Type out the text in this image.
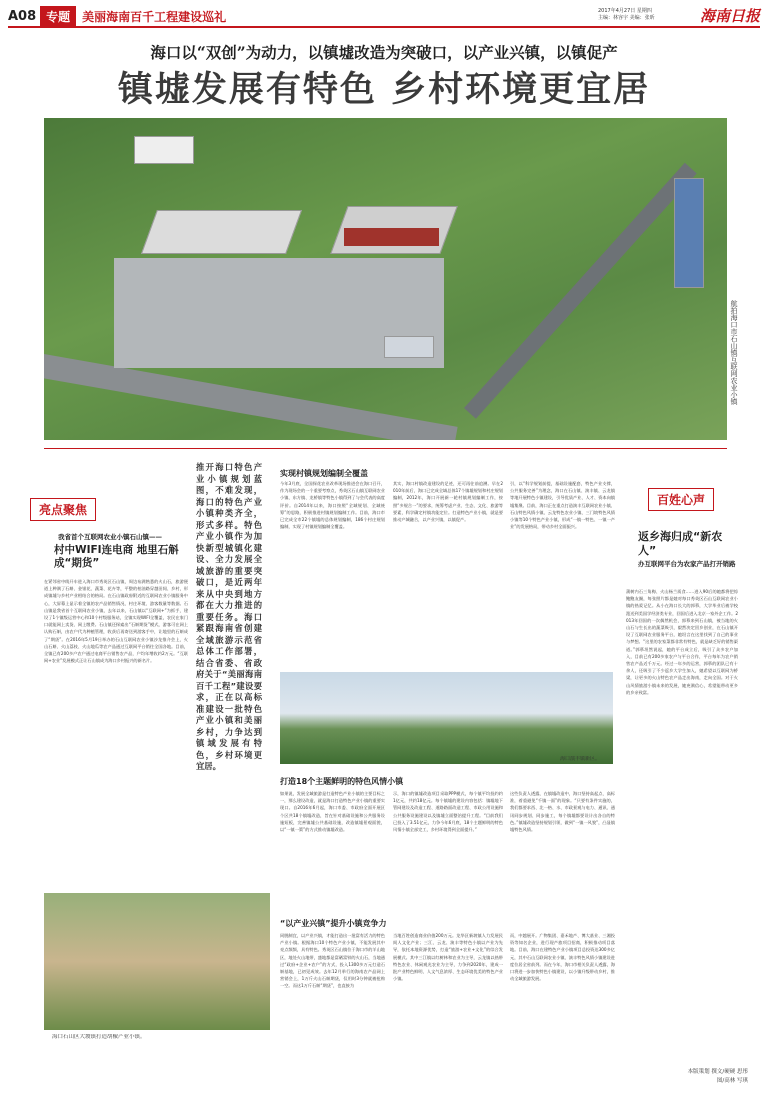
A08 专题	美丽海南百千工程建设巡礼	2017年4月27日 星期四
主编：林容宇 美编：张昕	海南日报
海口以“双创”为动力，以镇墟改造为突破口，以产业兴镇，以镇促产
镇墟发展有特色 乡村环境更宜居
航拍海口市石山镇互联网农业小镇
亮点聚焦
我省首个互联网农业小镇石山镇——
村中WIFI连电商 地里石斛成“期货”
在紧邻省中线开车进入海口市秀英区石山镇，周边布满熟悉的火山石，旅游便道上种满了石斛、金银花、蔬菜、花卉等，平整的柏油路穿越田间、乡村，形成镇墟与乡村产业相结合的格局。在石山镇政府附近的互联网农业小镇服务中心，大屏幕上显示着全镇的农产品销售情况、村庄环境、游客数量等数据。石山镇是我省首个互联网农业小镇，去年以来，石山镇以“互联网+”为抓手，建设了1个镇级运营中心和10个村级服务站，全镇实现WIFI全覆盖，农民在家门口就能网上卖货、网上缴费。石山镇还探索出“石斛期货”模式，游客可在网上认购石斛，由农户代为种植管理，收获后再寄送到游客手中，让地里的石斛成了“期货”。在2016年5月19日举办的石山互联网农业小镇沙龙推介会上，火山石斛、火山荔枝、火山地瓜等农产品通过互联网平台销往全国各地。目前，全镇已有200多户农户通过电商平台销售农产品，户均年增收约2万元。“互联网+农业”发展模式正让石山镇成为海口乡村振兴的新名片。
海口石山区大坡镇打造胡椒产业小镇。
推开海口特色产业小镇规划蓝图，不难发现，海口的特色产业小镇种类齐全，形式多样。特色产业小镇作为加快新型城镇化建设、全力发展全域旅游的重要突破口，是近两年来从中央到地方都在大力推进的重要任务。海口紧跟海南省创建全域旅游示范省总体工作部署，结合省委、省政府关于“美丽海南百千工程”建设要求，正在以高标准建设一批特色产业小镇和美丽乡村，力争达到镇域发展有特色，乡村环境更宜居。
实现村镇规划编制全覆盖
今年3月底，全国探花农业改革现场推进会在海口召开，作为现场会的一个重要考察点，秀英区石山镇互联网农业小镇、东方镇、龙桥镇等特色小镇得到了与会代表的高度评价。自2014年以来，海口按照“全域规划、全域统筹”的思路，积极推进村镇规划编制工作。目前，海口市已完成全市22个镇墟的总体规划编制，186个村庄规划编制，实现了村镇规划编制全覆盖。
其实，海口村镇改造建设的足迹，还可再往前追溯。早在2010年前后，海口已完成全域总体17个镇墟规划和村庄规划编制，2012年，海口开展新一轮村镇规划编制工作，按照“多规合一”的要求，统筹考虑产业、生态、文化、旅游等要素，科学确定村镇功能定位。打造特色产业小镇，就是要推动产城融合，以产业兴镇，以镇促产。
引，以“科学规划前提，基础设施配套，特色产业支撑，公共服务完善”为理念，海口在石山镇、演丰镇、云龙镇等地开展特色小镇建设，引导优质产业、人才、资本向镇墟集聚。目前，海口正在重点打造演丰互联网农业小镇、石山特色风情小镇、云龙特色农业小镇、三门坡特色风情小镇等10个特色产业小镇，形成“一镇一特色、一镇一产业”的发展格局，带动乡村全面振兴。
海口演丰镇新区。
打造18个主题鲜明的特色风情小镇
如果说，发展全域旅游是打造特色产业小镇的主要目标之一，那么建设改造，就是海口打造特色产业小镇的重要实现口。自2016年6月起，海口市委、市政府全面开展区个区共18个镇墟改造，旨在针对基础设施和公共服务设施短板，完善镇墟公共基础设施，改造镇墟景观面貌，以“一镇一策”的方式推动镇墟改造。
示，海口的镇墟改造项目采取PPP模式，每个镇平均投约约1亿元，共约18亿元。每个镇墟的建设内容包括：镇墟地下管网建设及改造工程、道路路面改造工程、市政公用设施和公共服务设施建设以及镇墟立面整治提升工程。“目前我们已投入了3.51亿元，力争今年6月底，18个主题鲜明的特色风情小镇全部完工，乡村环境得到全面提升。”
这些负责人透露，在镇墟改造中，海口坚持高起点、高标准，着重避免“千镇一面”的现象。“只要有条件实施的，我们都要求西、北一格、水、市政景观与电力、通讯、通讯同步规划、同步施工，每个镇墟都要设计出各自的特色。”镇墟改造坚持规划引领，做到“一镇一风貌”，凸显镇墟特色风情。
“以产业兴镇”提升小镇竞争力
同脱制宜，以产业兴镇，才能打造出一批富有活力的特色产业小镇。根据海口10个特色产业小镇，不能发展其中亮点频频，具有特色。秀英区石山镇位于海口市的羊山地区，地处火山地带，盛地都是富硒富锌的火山石，当地通过“政府+企业+农户”的方式，投入1300多万元打造石斛基地，已初见成效。去年12月举行的海南农产品网上营销会上，1万斤火山石斛期货，仅用时3分钟就被抢购一空。而这1万斤石斛“期货”，也直接为
当地百姓创造商业价值200万元。龙华区新坡镇人力发展民间人文化产业；三江、云龙、演丰等特色小镇以产业为先导，依托本地资源优势，打造“旅游+农业+文化”的综合发展模式。其中三江镇以红树林和农业为主导，云龙镇以热带特色农业、休闲观光农业为主导，力争到2020年，建成一批产业特色鲜明、人文气息浓厚、生态环境优美的特色产业小镇。
而，中越展开。广物集团、嘉禾地产、博大基业、三湘投资等知名企业，进行现产旅项目招商，积极推动项目落地。目前，海口在建特色产业小镇项目总投资达300多亿元，其中石山互联网农业小镇、演丰特色风情小镇建设进度位居全省前列。而在今年，海口市相关负责人透露，海口将进一步加快特色小镇建设，以小镇升级带动乡村，推动全域旅游发展。
百姓心声
返乡海归成“新农人”
办互联网平台为农家产品打开销路
蒲树内石三角梅、火山杨兰质食……进入90后的她都将把惊鲍鲍友圈，每张照片都是她对每口秀英区石山互联网农业小镇的热爱记忆。从小在海口长大的郭慕，大学毕业后被学校派送到美国学经济类专业，回国后进入北京一家外企工作。2013年回国的一次偶然机会，郭慕来到石山镇，被当地的火山石与生长出的蔬菜吸引，毅然决定回乡创业，在石山镇开设了互联网农业服务平台，她坦言在这里找到了自己的事业与梦想。“这里的农家菜都非常有特色，就是缺乏好的销售渠道。”郭慕坦然说起，她的平台成立后，吸引了众多农户加入，目前已有200多家农户与平台合作，平台每年为农户销售农产品近千万元。经过一年多的运营，郭慕的团队已有十余人，还吸引了不少返乡大学生加入，她希望以互联网为桥梁，让更多的火山特色农产品走出海南，走向全国。对于火山风情旅游小镇未来的发展，她充满信心，希望能带动更多的乡亲致富。
本版策划 撰文/硬硬 思彤
图/高林 写琪
